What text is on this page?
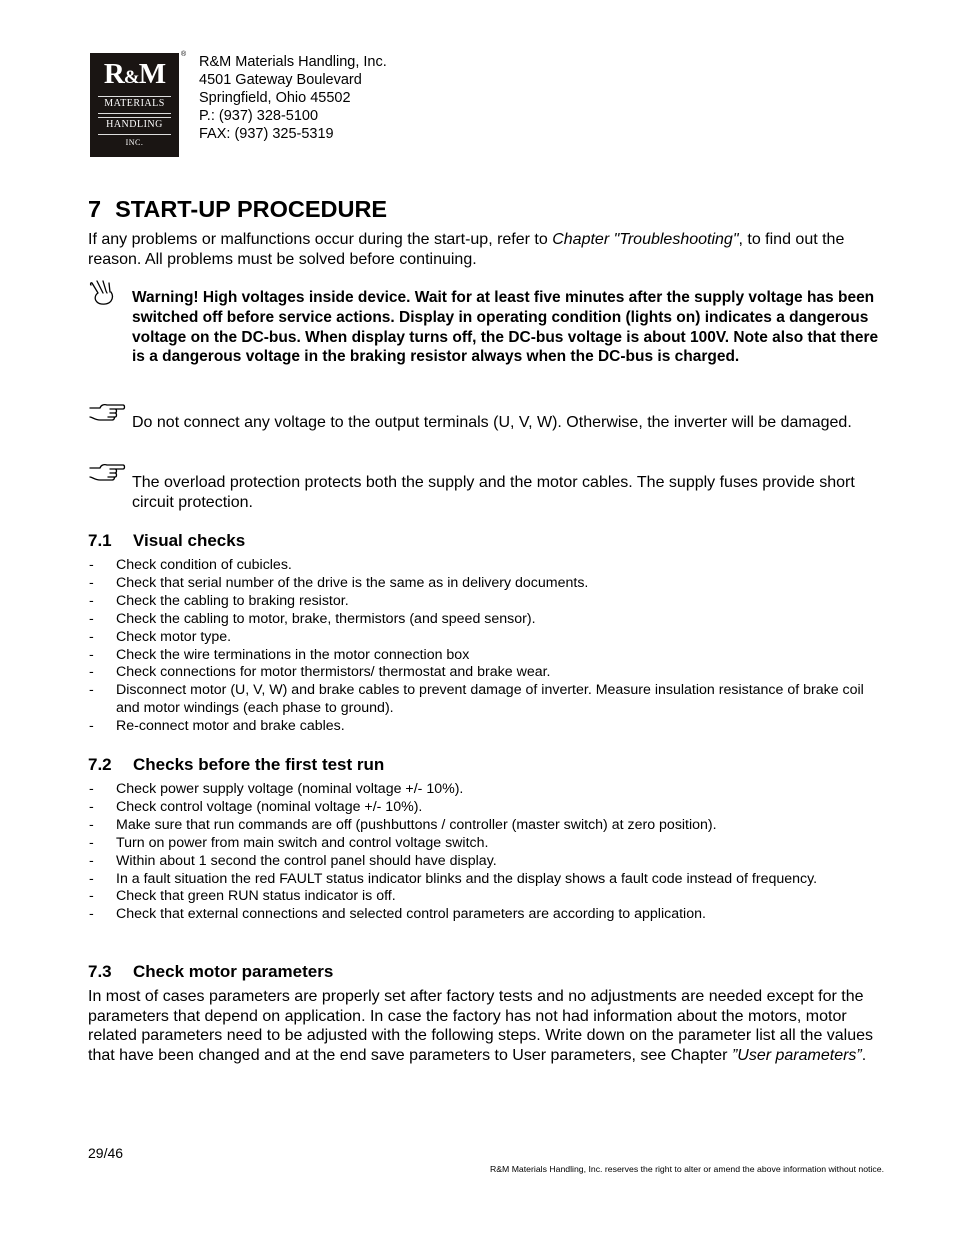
R&M
MATERIALS
HANDLING
INC.
® R&M Materials Handling, Inc.
4501 Gateway Boulevard
Springfield, Ohio 45502
P.: (937) 328-5100
FAX: (937) 325-5319
7 START-UP PROCEDURE

If any problems or malfunctions occur during the start-up, refer to Chapter "Troubleshooting", to find out the reason. All problems must be solved before continuing.

Warning! High voltages inside device. Wait for at least five minutes after the supply voltage has been switched off before service actions. Display in operating condition (lights on) indicates a dangerous voltage on the DC-bus. When display turns off, the DC-bus voltage is about 100V. Note also that there is a dangerous voltage in the braking resistor always when the DC-bus is charged.

Do not connect any voltage to the output terminals (U, V, W). Otherwise, the inverter will be damaged.

The overload protection protects both the supply and the motor cables. The supply fuses provide short circuit protection.

7.1 Visual checks
- Check condition of cubicles.
- Check that serial number of the drive is the same as in delivery documents.
- Check the cabling to braking resistor.
- Check the cabling to motor, brake, thermistors (and speed sensor).
- Check motor type.
- Check the wire terminations in the motor connection box
- Check connections for motor thermistors/ thermostat and brake wear.
- Disconnect motor (U, V, W) and brake cables to prevent damage of inverter. Measure insulation resistance of brake coil and motor windings (each phase to ground).
- Re-connect motor and brake cables.
7.2 Checks before the first test run
- Check power supply voltage (nominal voltage +/- 10%).
- Check control voltage (nominal voltage +/- 10%).
- Make sure that run commands are off (pushbuttons / controller (master switch) at zero position).
- Turn on power from main switch and control voltage switch.
- Within about 1 second the control panel should have display.
- In a fault situation the red FAULT status indicator blinks and the display shows a fault code instead of frequency.
- Check that green RUN status indicator is off.
- Check that external connections and selected control parameters are according to application.
7.3 Check motor parameters

In most of cases parameters are properly set after factory tests and no adjustments are needed except for the parameters that depend on application. In case the factory has not had information about the motors, motor related parameters need to be adjusted with the following steps. Write down on the parameter list all the values that have been changed and at the end save parameters to User parameters, see Chapter ”User parameters”.

29/46
R&M Materials Handling, Inc. reserves the right to alter or amend the above information without notice.
